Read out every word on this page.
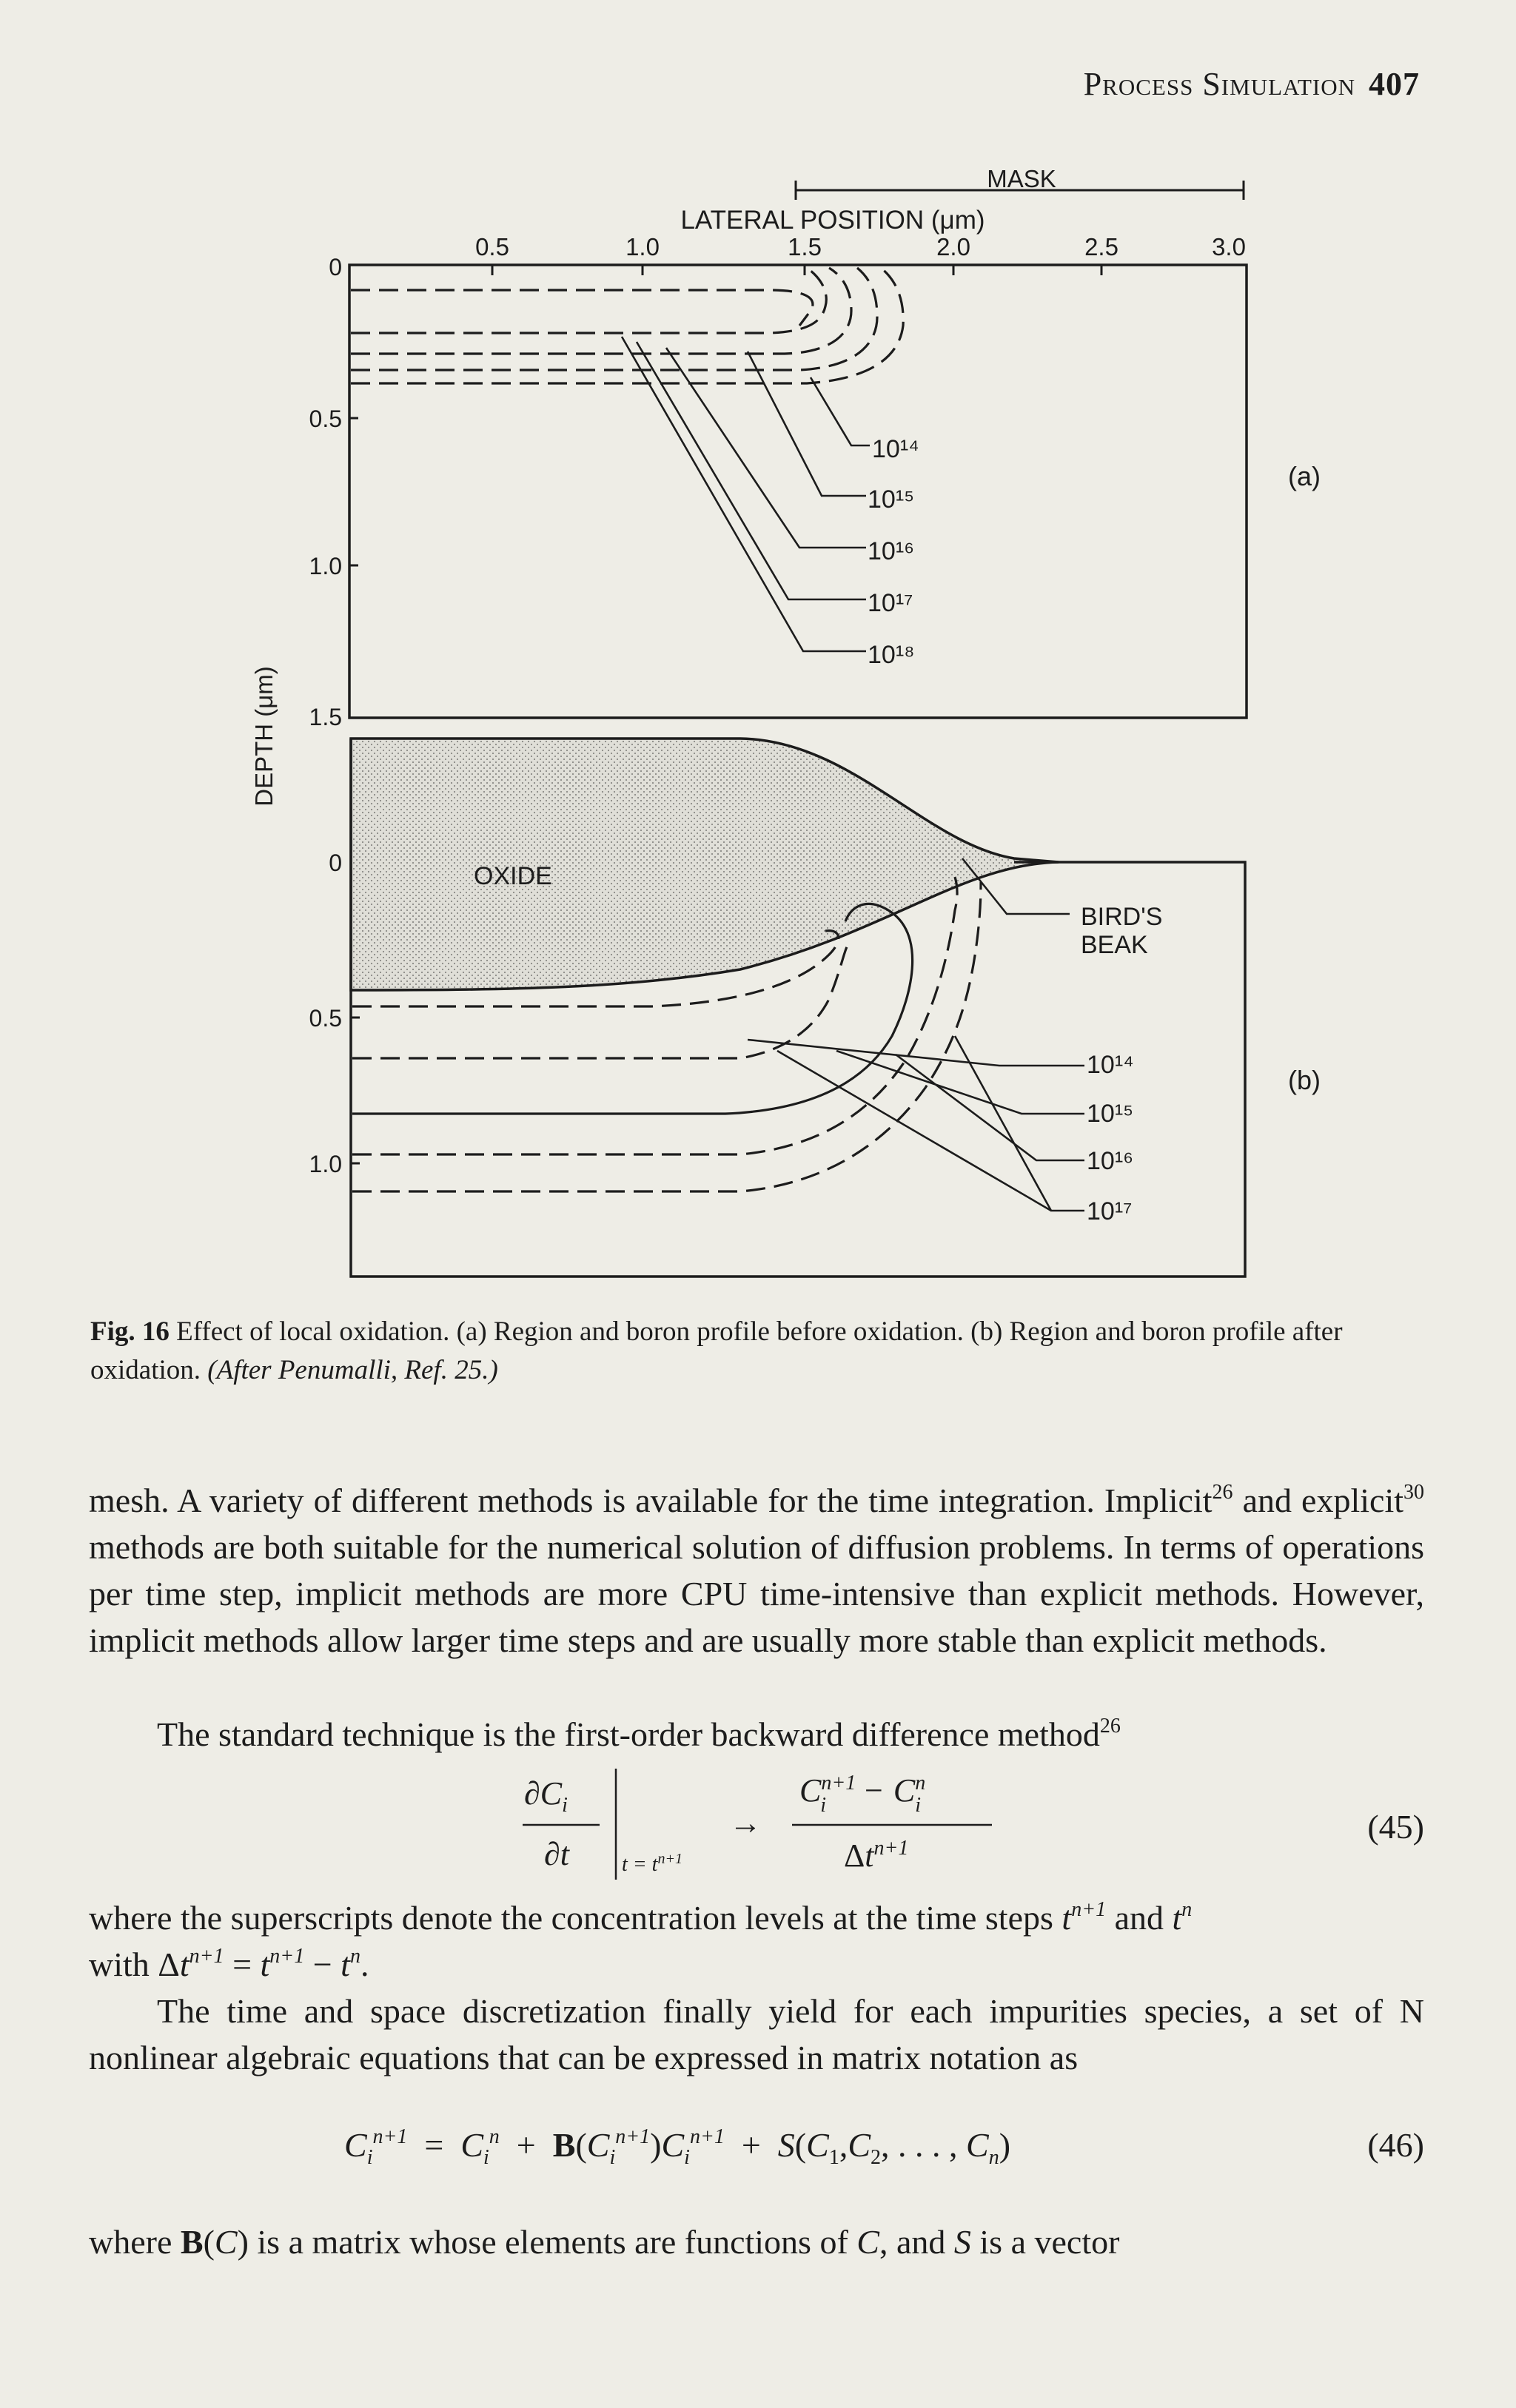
Process Simulation 407
MASK
LATERAL POSITION (μm)
0.5	1.0	1.5	2.0	2.5	3.0
DEPTH (μm)
0
0.5
1.0
1.5
10¹⁴
10¹⁵
10¹⁶
10¹⁷
10¹⁸
(a)
0
0.5
1.0
OXIDE
BIRD'S
BEAK
10¹⁴
10¹⁵
10¹⁶
10¹⁷
(b)
Fig. 16 Effect of local oxidation. (a) Region and boron profile before oxidation. (b) Region and boron profile after oxidation. (After Penumalli, Ref. 25.)

mesh. A variety of different methods is available for the time integration. Implicit$^{26}$ and explicit$^{30}$ methods are both suitable for the numerical solution of diffusion problems. In terms of operations per time step, implicit methods are more CPU time-intensive than explicit methods. However, implicit methods allow larger time steps and are usually more stable than explicit methods.

The standard technique is the first-order backward difference method$^{26}$

$\partial C_i$
∂t	$t = t^{n+1}$
→
$C^{n+1}$ $i - C^n$ i
$\Delta t^{n+1}$
(45)

where the superscripts denote the concentration levels at the time steps $t^{n+1}$ and $t^n$
with $\Delta t^{n+1} = t^{n+1} - t^n$.

The time and space discretization finally yield for each impurities species, a set of N nonlinear algebraic equations that can be expressed in matrix notation as

$C_i^{n+1} = C_i^n + B(C_i^{n+1})C_i^{n+1} + S(C_1,C_2$, . . . , $C_n$)	(46)

where B(C) is a matrix whose elements are functions of C, and S is a vector
